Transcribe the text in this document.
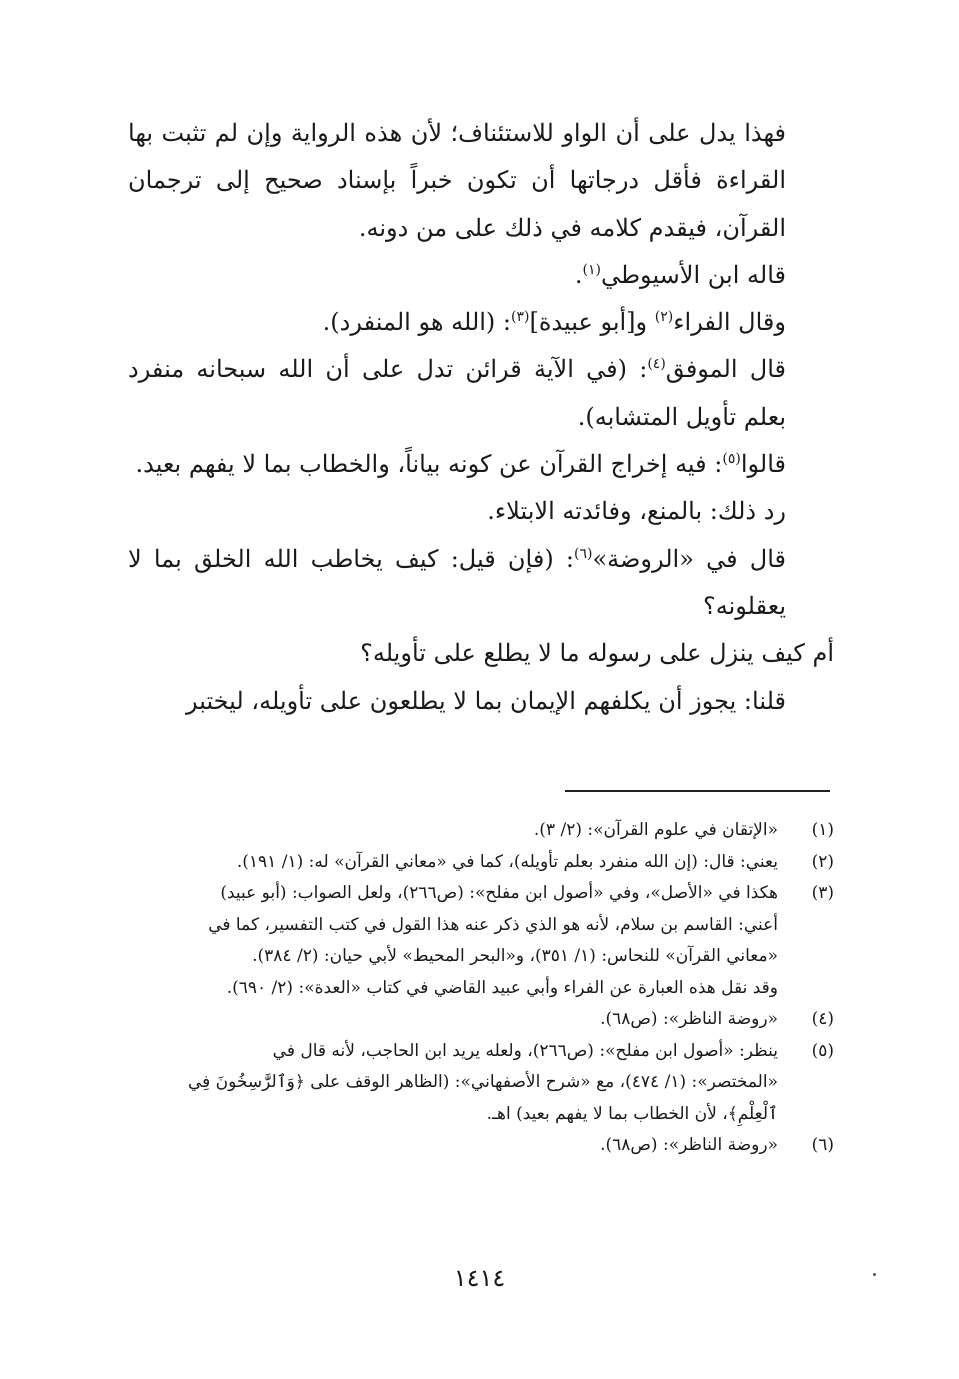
فهذا يدل على أن الواو للاستئناف؛ لأن هذه الرواية وإن لم تثبت بها القراءة فأقل درجاتها أن تكون خبراً بإسناد صحيح إلى ترجمان القرآن، فيقدم كلامه في ذلك على من دونه.

قاله ابن الأسيوطي$^{(١)}$.

وقال الفراء$^{(٢)}$ و[أبو عبيدة]$^{(٣)}$: (الله هو المنفرد).

قال الموفق$^{(٤)}$: (في الآية قرائن تدل على أن الله سبحانه منفرد بعلم تأويل المتشابه).

قالوا$^{(٥)}$: فيه إخراج القرآن عن كونه بياناً، والخطاب بما لا يفهم بعيد.

رد ذلك: بالمنع، وفائدته الابتلاء.

قال في «الروضة»$^{(٦)}$: (فإن قيل: كيف يخاطب الله الخلق بما لا يعقلونه؟

أم كيف ينزل على رسوله ما لا يطلع على تأويله؟

قلنا: يجوز أن يكلفهم الإيمان بما لا يطلعون على تأويله، ليختبر

(١)
«الإتقان في علوم القرآن»: (٢/ ٣).
(٢)
يعني: قال: (إن الله منفرد بعلم تأويله)، كما في «معاني القرآن» له: (١/ ١٩١).
(٣)
هكذا في «الأصل»، وفي «أصول ابن مفلح»: (ص٢٦٦)، ولعل الصواب: (أبو عبيد)
أعني: القاسم بن سلام، لأنه هو الذي ذكر عنه هذا القول في كتب التفسير، كما في
«معاني القرآن» للنحاس: (١/ ٣٥١)، و«البحر المحيط» لأبي حيان: (٢/ ٣٨٤).
وقد نقل هذه العبارة عن الفراء وأبي عبيد القاضي في كتاب «العدة»: (٢/ ٦٩٠).
(٤)
«روضة الناظر»: (ص٦٨).
(٥)
ينظر: «أصول ابن مفلح»: (ص٢٦٦)، ولعله يريد ابن الحاجب، لأنه قال في
«المختصر»: (١/ ٤٧٤)، مع «شرح الأصفهاني»: (الظاهر الوقف على ﴿وَٱلرَّٰسِخُونَ فِي
ٱلْعِلْمِ﴾، لأن الخطاب بما لا يفهم بعيد) اهـ.
(٦)
«روضة الناظر»: (ص٦٨).
١٤١٤
